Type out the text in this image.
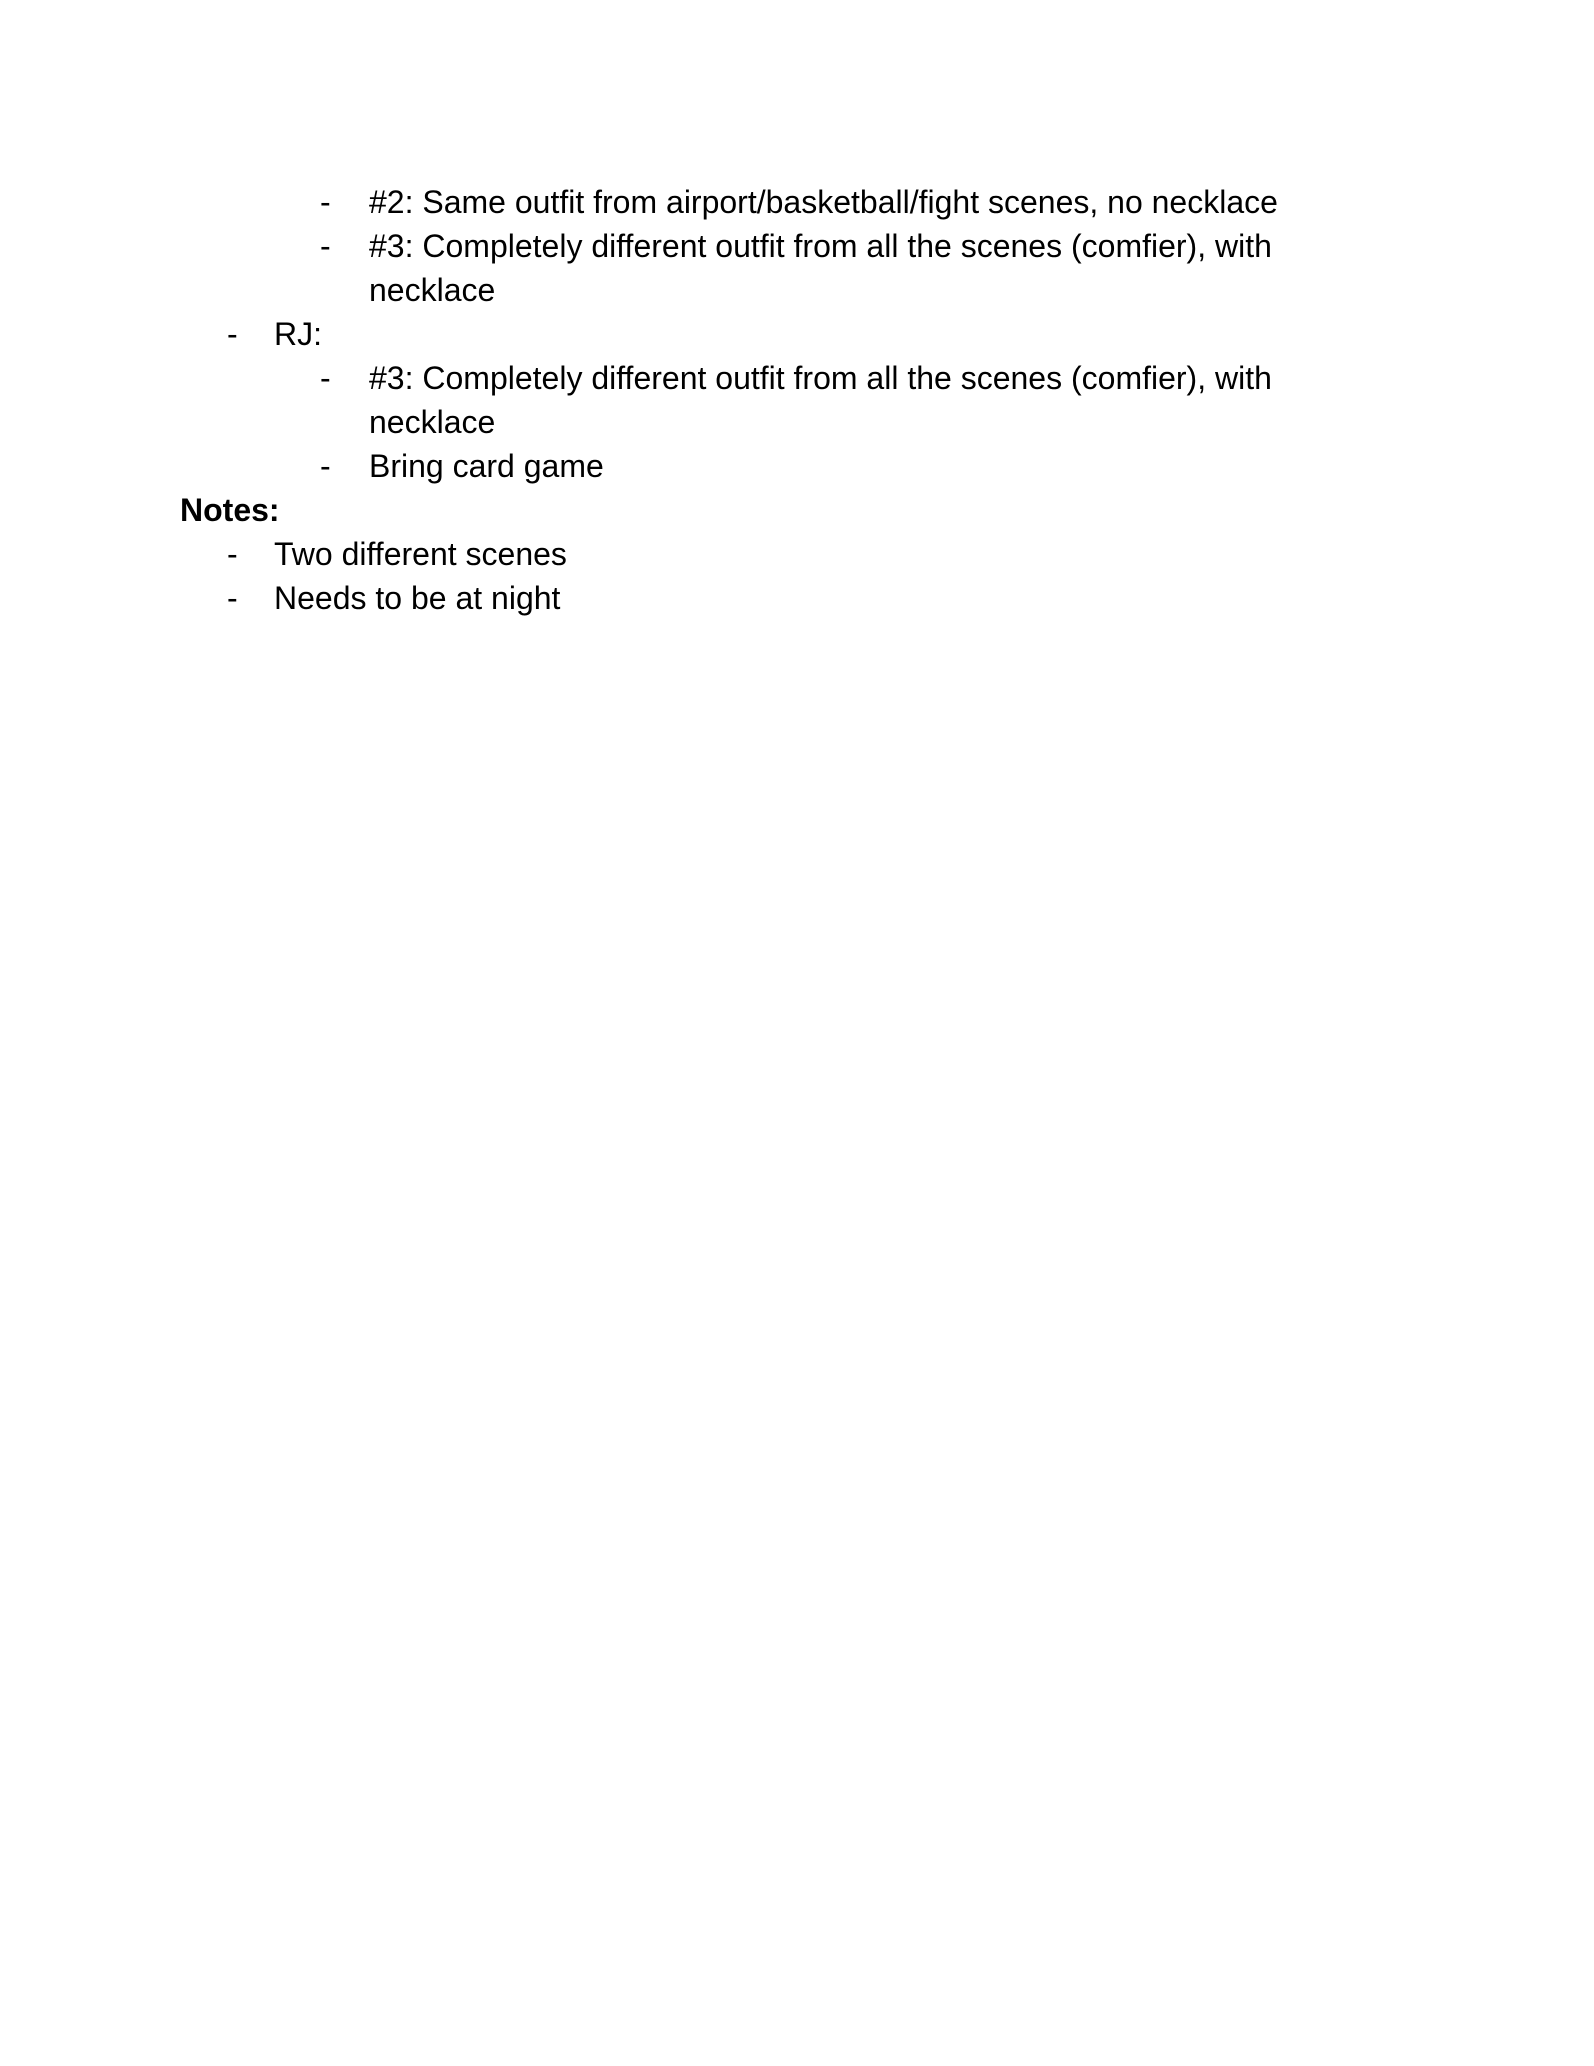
- #2: Same outfit from airport/basketball/fight scenes, no necklace
- #3: Completely different outfit from all the scenes (comfier), with
necklace
- RJ:
- #3: Completely different outfit from all the scenes (comfier), with
necklace
- Bring card game
Notes:
- Two different scenes
- Needs to be at night
